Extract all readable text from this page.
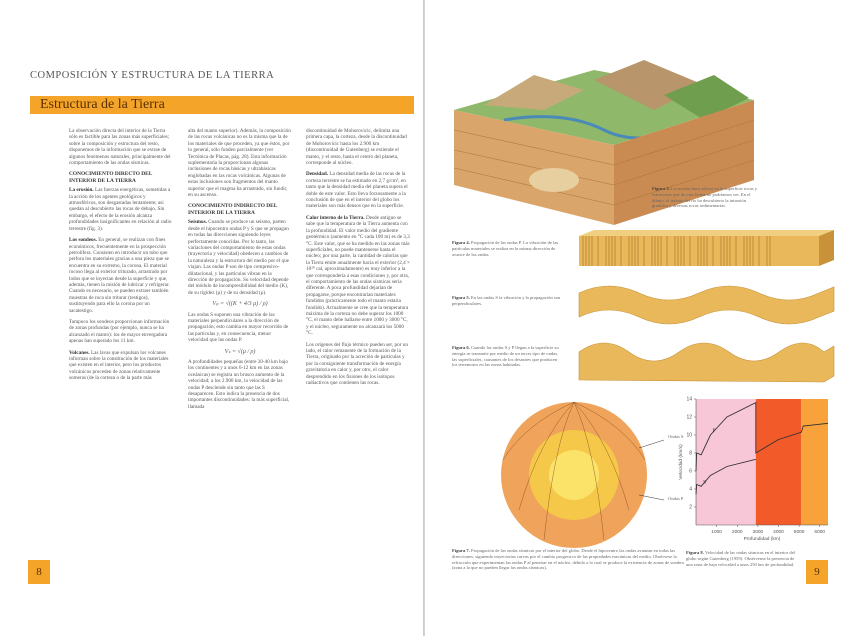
COMPOSICIÓN Y ESTRUCTURA DE LA TIERRA
Estructura de la Tierra

La observación directa del interior de la Tierra sólo es factible para las zonas más superficiales; sobre la composición y estructura del resto, disponemos de la información que se extrae de algunos fenómenos naturales, principalmente del comportamiento de las ondas sísmicas.

CONOCIMIENTO DIRECTO DEL INTERIOR DE LA TIERRA

La erosión. Las fuerzas energéticas, sometidas a la acción de los agentes geológicos y atmosféricos, son desgastadas lentamente; así quedan al descubierto las rocas de debajo. Sin embargo, el efecto de la erosión alcanza profundidades insignificantes en relación al radio terrestre (fig. 3).

Los sondeos. En general, se realizan con fines económicos, frecuentemente en la prospección petrolífera. Consisten en introducir un tubo que perfora los materiales gracias a una pieza que se encuentra en su extremo, la corona. El material rocoso llega al exterior triturado, arrastrado por lodos que se inyectan desde la superficie y que, además, tienen la misión de lubricar y refrigerar. Cuando es necesario, se pueden extraer también muestras de roca sin triturar (testigos), sustituyendo para ello la corona por un sacatestigo.

Tampoco los sondeos proporcionan información de zonas profundas (por ejemplo, nunca se ha alcanzado el manto): los de mayor envergadura apenas han superado los 11 km.

Volcanes. Las lavas que expulsan los volcanes informan sobre la constitución de los materiales que existen en el interior, pero los productos volcánicos proceden de zonas relativamente someras (de la corteza o de la parte más

alta del manto superior). Además, la composición de las rocas volcánicas no es la misma que la de los materiales de que proceden, ya que éstos, por lo general, sólo funden parcialmente (ver Tectónica de Placas, pág. 28). Esta información suplementaria la proporcionan algunas inclusiones de rocas básicas y ultrabásicas englobadas en las rocas volcánicas. Algunas de estas inclusiones son fragmentos del manto superior que el magma ha arrastrado, sin fundir, en su ascenso.

CONOCIMIENTO INDIRECTO DEL INTERIOR DE LA TIERRA

Seísmos. Cuando se produce un seísmo, parten desde el hipocentro ondas P y S que se propagan en todas las direcciones siguiendo leyes perfectamente conocidas. Por lo tanto, las variaciones del comportamiento de estas ondas (trayectoria y velocidad) obedecen a cambios de la naturaleza y la estructura del medio por el que viajan. Las ondas P son de tipo compresivo-dilatacional, y las partículas vibran en la dirección de propagación. Su velocidad depende del módulo de incompresibilidad del medio (K), de su rigidez (μ) y de su densidad (ρ).

Vₚ = √((K + 4/3 μ) / ρ)

Las ondas S suponen una vibración de las materiales perpendiculares a la dirección de propagación; esto cambia en mayor recorrido de las partículas y, en consecuencia, menor velocidad que las ondas P.

Vₛ = √(μ / ρ)

A profundidades pequeñas (entre 30-40 km bajo los continentes y a unos 6-12 km en las zonas oceánicas) se registra un brusco aumento de la velocidad; a los 2.900 km, la velocidad de las ondas P desciende sin tanto que las S desaparecen. Esto indica la presencia de dos importantes discontinuidades: la más superficial, llamada

discontinuidad de Mohorovicic, delimita una primera capa, la corteza, desde la discontinuidad de Mohorovicic hasta los 2.900 km (discontinuidad de Gutenberg) se extiende el manto, y el resto, hasta el centro del planeta, corresponde al núcleo.

Densidad. La densidad media de las rocas de la corteza terrestre se ha estimado en 2,7 g/cm³, en tanto que la densidad media del planeta supera el doble de este valor. Esto lleva forzosamente a la conclusión de que en el interior del globo los materiales son más densos que en la superficie.

Calor interno de la Tierra. Desde antiguo se sabe que la temperatura de la Tierra aumenta con la profundidad. El valor medio del gradiente geotérmico (aumento en °C cada 100 m) es de 3,3 °C. Este valor, que se ha medido en las zonas más superficiales, no puede mantenerse hasta el núcleo; por una parte, la cantidad de calorías que la Tierra emite anualmente hacia el exterior (2,4 × 10²⁰ cal, aproximadamente) es muy inferior a la que correspondería a esas condiciones y, por otra, el comportamiento de las ondas sísmicas sería diferente. A poca profundidad dejarían de propagarse, porque encontrarían materiales fundidos (prácticamente todo el manto estaría fundido). Actualmente se cree que la temperatura máxima de la corteza no debe superar los 1000 °C, el manto debe hallarse entre 1000 y 3000 °C, y el núcleo, seguramente no alcanzará los 5000 °C.

Los orígenes del flujo térmico pueden ser, por un lado, el calor remanente de la formación de la Tierra, originado por la acreción de partículas y por la consiguiente transformación de energía gravitatoria en calor y, por otro, el calor desprendido en los fisiones de los isótopos radiactivos que contienen las rocas.

8
Figura 3. La erosión hace aflorar en la superficie rocas y estructuras que de otra forma no podríamos ver. En el dibujo, el trabajo del río ha descubierto la intrusión granítica y diversas rocas sedimentarias.
Figura 4. Propagación de las ondas P. La vibración de las partículas materiales se realiza en la misma dirección de avance de las ondas.
Figura 5. En las ondas S la vibración y la propagación son perpendiculares.
Figura 6. Cuando las ondas S y P llegan a la superficie su energía se transmite por medio de un tercer tipo de ondas, las superficiales, causantes de los desastres que producen los terremotos en las zonas habitadas.
Ondas S
Ondas P
Figura 7. Propagación de las ondas sísmicas por el interior del globo. Desde el hipocentro las ondas avanzan en todas las direcciones, siguiendo trayectorias curvas por el cambio progresivo de las propiedades mecánicas del medio. Obsérvese la refracción que experimentan las ondas P al penetrar en el núcleo, debido a lo cual se produce la existencia de zonas de sombra (zona a la que no pueden llegar las ondas sísmicas).
2
4
6
8
10
12
14
1000 2000 3000 4000 5000 6000
Profundidad (km)
Velocidad (km/s)
P
S
Figura 8. Velocidad de las ondas sísmicas en el interior del globo según Gutenberg (1959). Obsérvense la presencia de una zona de baja velocidad a unos 250 km de profundidad.
9
